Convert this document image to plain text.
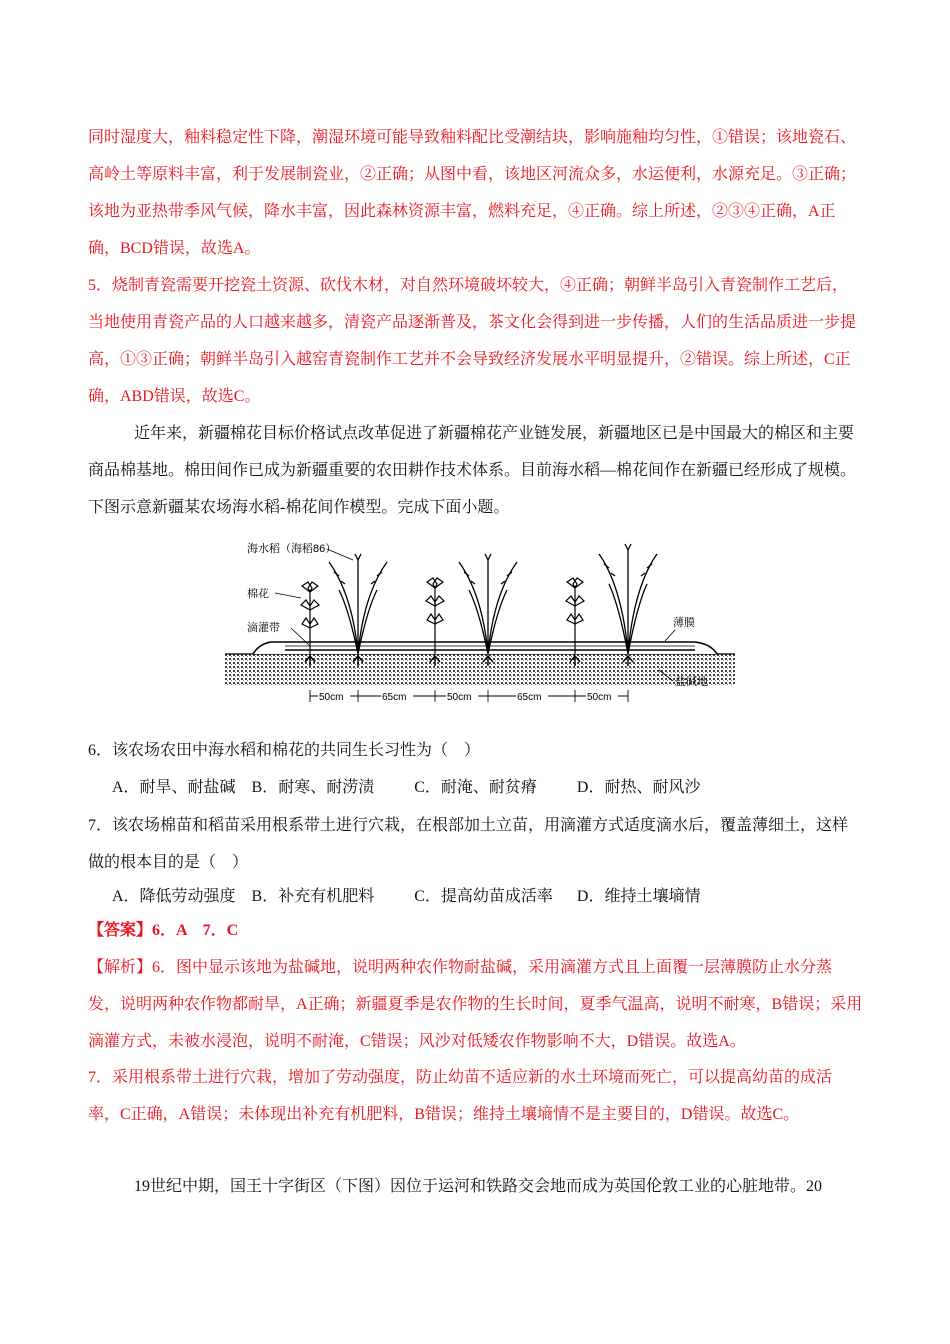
同时湿度大，釉料稳定性下降，潮湿环境可能导致釉料配比受潮结块，影响施釉均匀性，①错误；该地瓷石、高岭土等原料丰富，利于发展制瓷业，②正确；从图中看，该地区河流众多，水运便利，水源充足。③正确；该地为亚热带季风气候，降水丰富，因此森林资源丰富，燃料充足，④正确。综上所述，②③④正确，A正确，BCD错误，故选A。

5．烧制青瓷需要开挖瓷土资源、砍伐木材，对自然环境破坏较大，④正确；朝鲜半岛引入青瓷制作工艺后，当地使用青瓷产品的人口越来越多，清瓷产品逐渐普及，茶文化会得到进一步传播，人们的生活品质进一步提高，①③正确；朝鲜半岛引入越窑青瓷制作工艺并不会导致经济发展水平明显提升，②错误。综上所述，C正确，ABD错误，故选C。

近年来，新疆棉花目标价格试点改革促进了新疆棉花产业链发展，新疆地区已是中国最大的棉区和主要商品棉基地。棉田间作已成为新疆重要的农田耕作技术体系。目前海水稻—棉花间作在新疆已经形成了规模。下图示意新疆某农场海水稻-棉花间作模型。完成下面小题。

海水稻（海稻86）
棉花
滴灌带	薄膜
盐碱地
50cm	65cm	50cm	65cm	50cm

6．该农场农田中海水稻和棉花的共同生长习性为（　）

A．耐旱、耐盐碱    B．耐寒、耐涝渍          C．耐淹、耐贫瘠          D．耐热、耐风沙

7．该农场棉苗和稻苗采用根系带土进行穴栽，在根部加土立苗，用滴灌方式适度滴水后，覆盖薄细土，这样做的根本目的是（　）

A．降低劳动强度    B．补充有机肥料          C．提高幼苗成活率      D．维持土壤墒情

【答案】6．A　7．C

【解析】6．图中显示该地为盐碱地，说明两种农作物耐盐碱，采用滴灌方式且上面覆一层薄膜防止水分蒸发，说明两种农作物都耐旱，A正确；新疆夏季是农作物的生长时间，夏季气温高，说明不耐寒，B错误；采用滴灌方式，未被水浸泡，说明不耐淹，C错误；风沙对低矮农作物影响不大，D错误。故选A。

7．采用根系带土进行穴栽，增加了劳动强度，防止幼苗不适应新的水土环境而死亡，可以提高幼苗的成活率，C正确，A错误；未体现出补充有机肥料，B错误；维持土壤墒情不是主要目的，D错误。故选C。

19世纪中期，国王十字街区（下图）因位于运河和铁路交会地而成为英国伦敦工业的心脏地带。20
